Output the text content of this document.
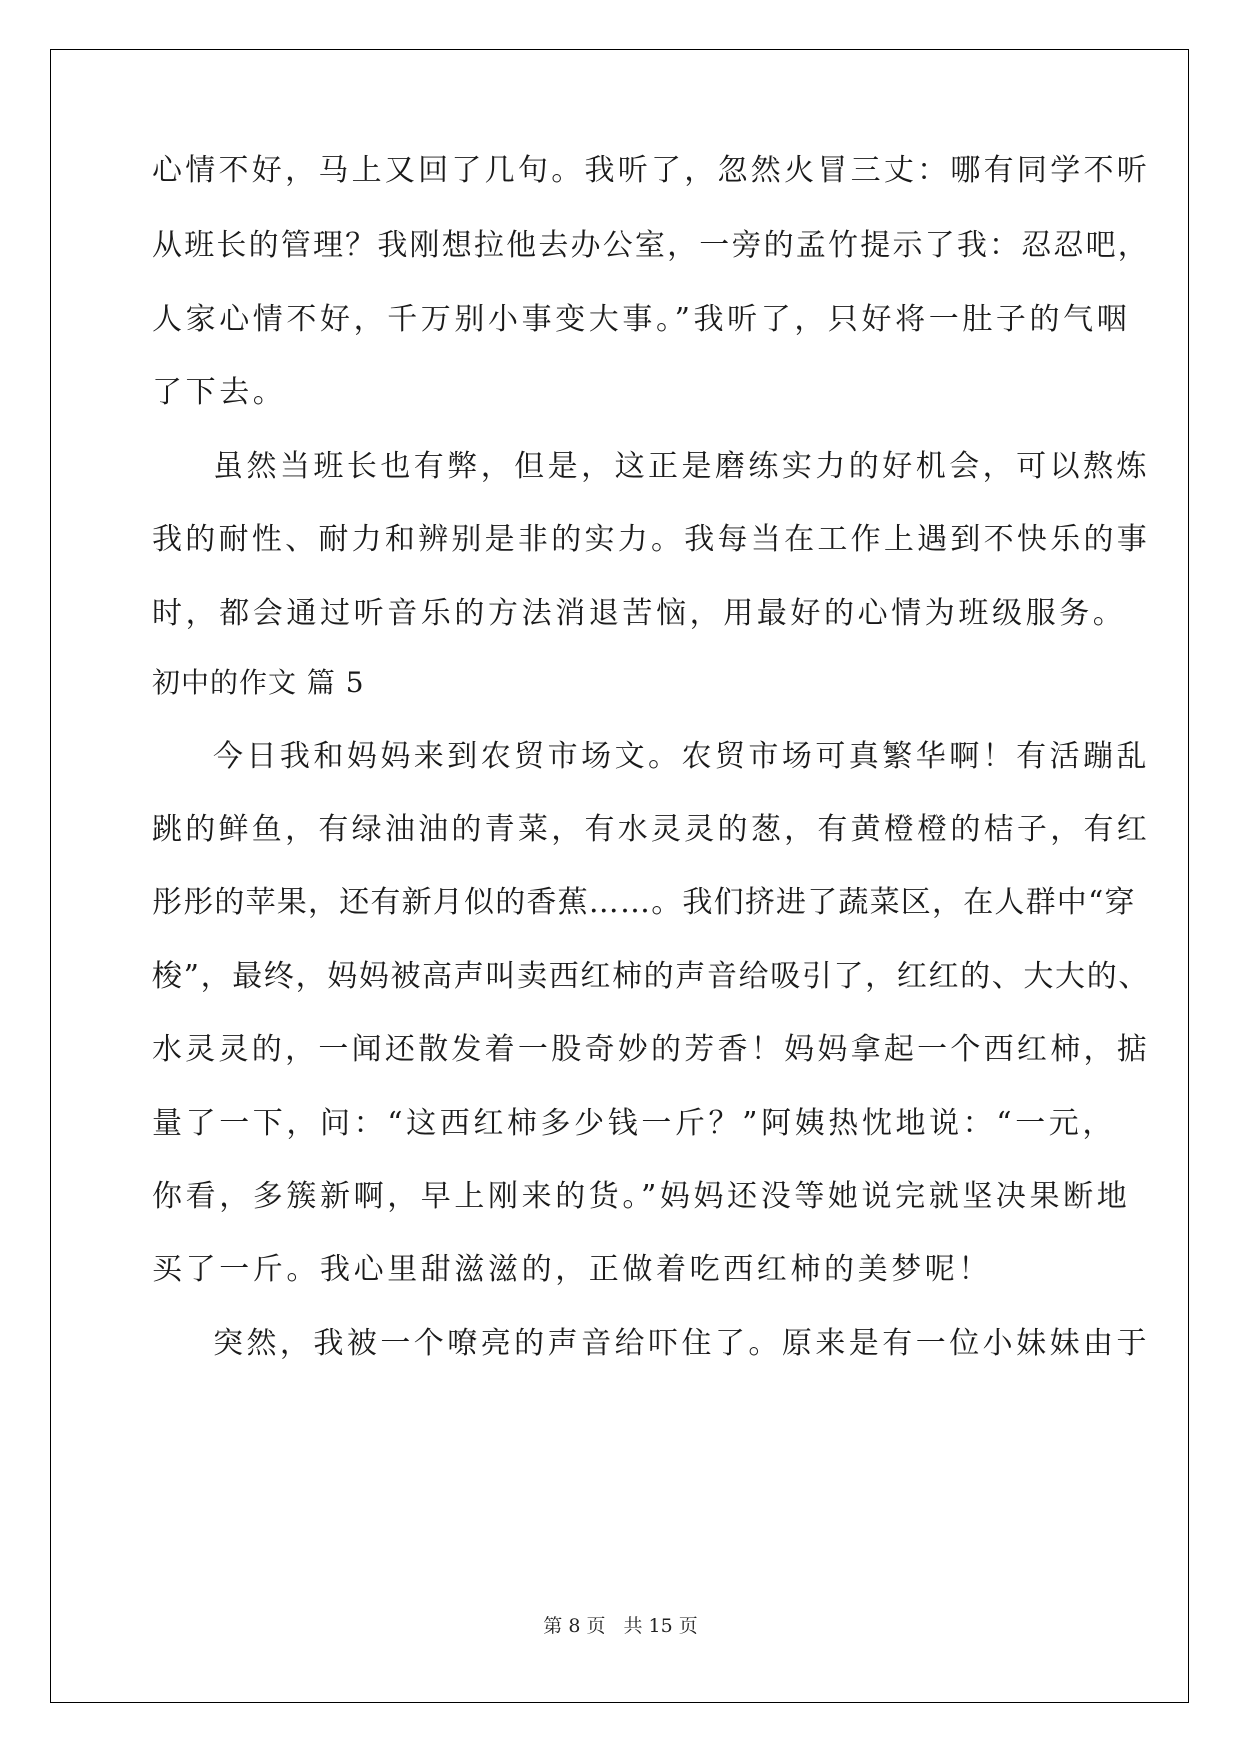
心情不好，马上又回了几句。我听了，忽然火冒三丈：哪有同学不听
从班长的管理？我刚想拉他去办公室，一旁的孟竹提示了我：忍忍吧，
人家心情不好，千万别小事变大事。”我听了，只好将一肚子的气咽
了下去。
虽然当班长也有弊，但是，这正是磨练实力的好机会，可以熬炼
我的耐性、耐力和辨别是非的实力。我每当在工作上遇到不快乐的事
时，都会通过听音乐的方法消退苦恼，用最好的心情为班级服务。
初中的作文 篇 5
今日我和妈妈来到农贸市场文。农贸市场可真繁华啊！有活蹦乱
跳的鲜鱼，有绿油油的青菜，有水灵灵的葱，有黄橙橙的桔子，有红
彤彤的苹果，还有新月似的香蕉……。我们挤进了蔬菜区，在人群中“穿
梭”，最终，妈妈被高声叫卖西红柿的声音给吸引了，红红的、大大的、
水灵灵的，一闻还散发着一股奇妙的芳香！妈妈拿起一个西红柿，掂
量了一下，问：“这西红柿多少钱一斤？”阿姨热忱地说：“一元，
你看，多簇新啊，早上刚来的货。”妈妈还没等她说完就坚决果断地
买了一斤。我心里甜滋滋的，正做着吃西红柿的美梦呢！
突然，我被一个嘹亮的声音给吓住了。原来是有一位小妹妹由于
第 8 页 共 15 页
